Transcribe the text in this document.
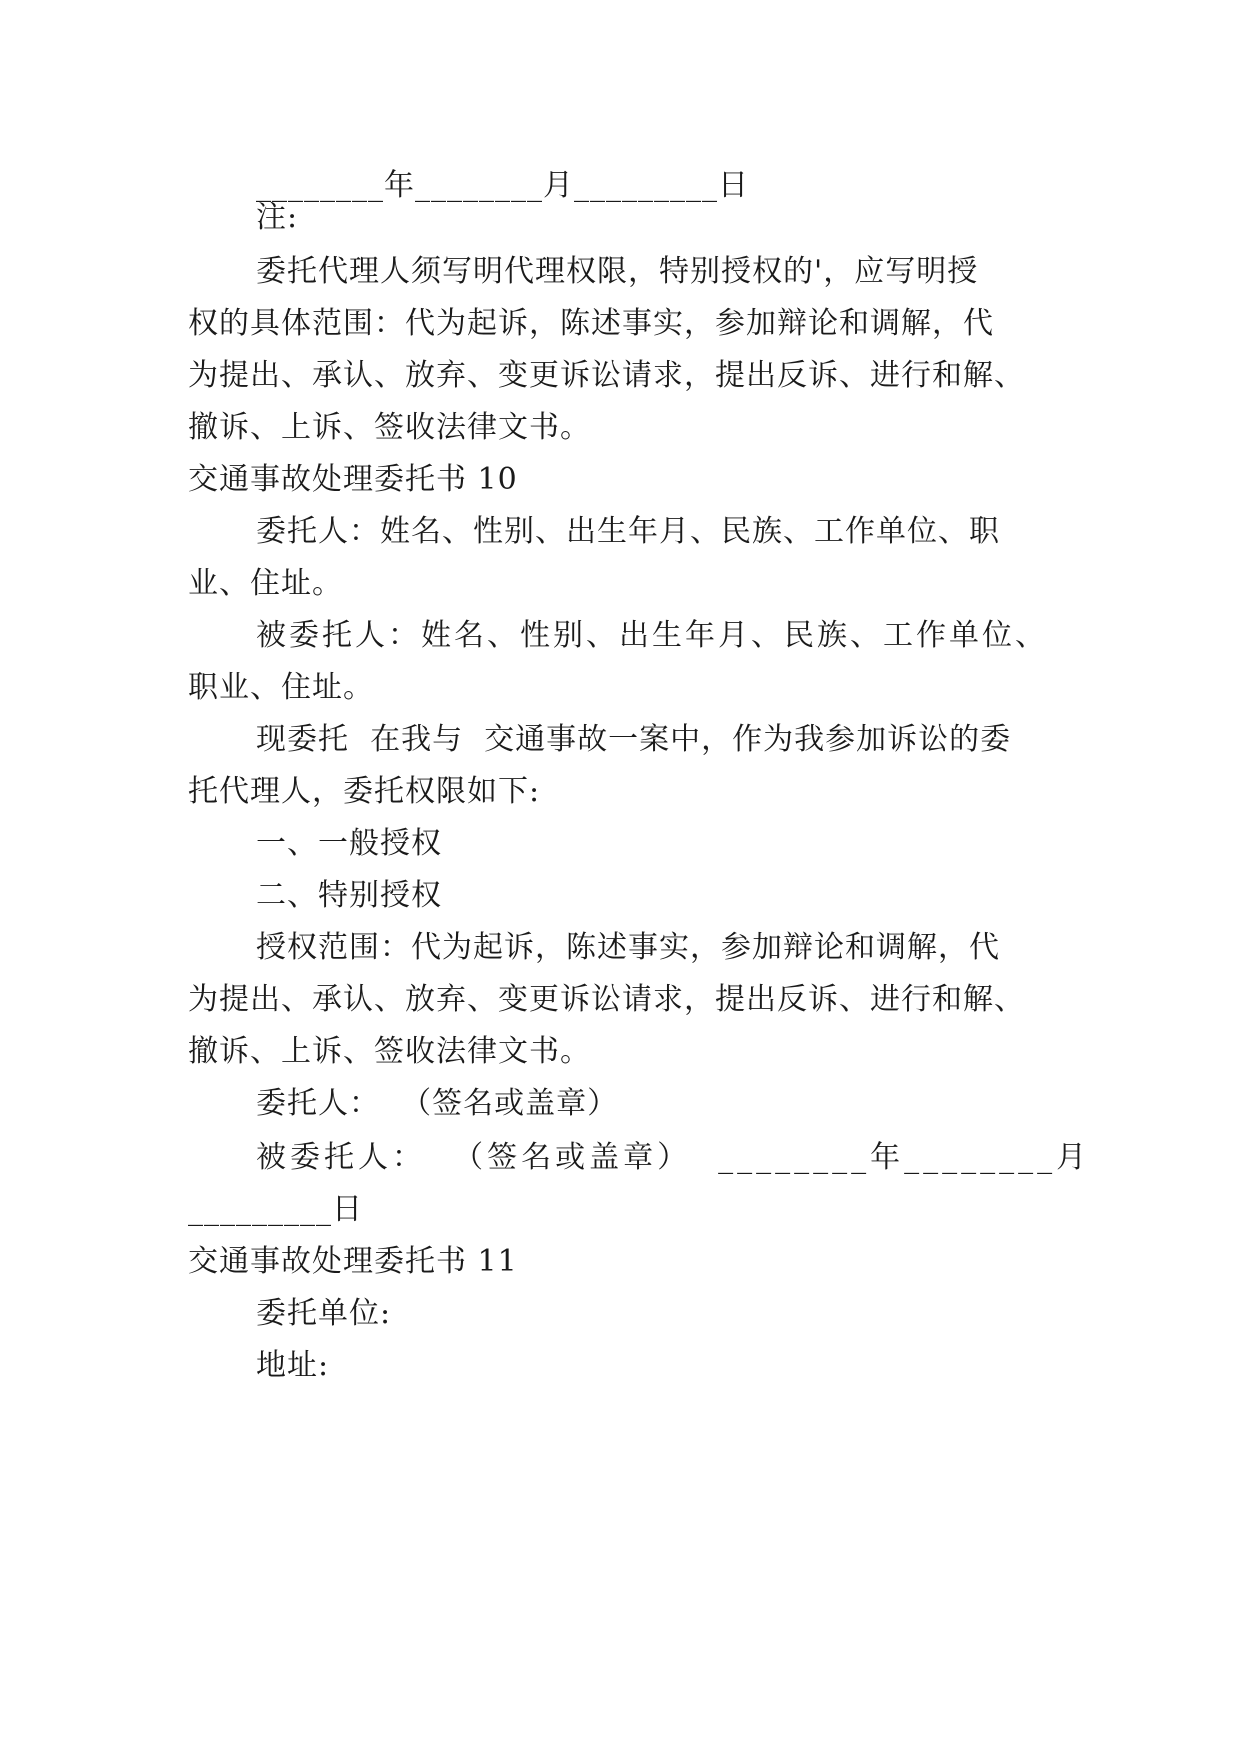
________年________月_________日
注:
委托代理人须写明代理权限，特别授权的'，应写明授
权的具体范围：代为起诉，陈述事实，参加辩论和调解，代
为提出、承认、放弃、变更诉讼请求，提出反诉、进行和解、
撤诉、上诉、签收法律文书。
交通事故处理委托书 10
委托人：姓名、性别、出生年月、民族、工作单位、职
业、住址。
被委托人：姓名、性别、出生年月、民族、工作单位、
职业、住址。
现委托  在我与  交通事故一案中，作为我参加诉讼的委
托代理人，委托权限如下:
一、一般授权
二、特别授权
授权范围：代为起诉，陈述事实，参加辩论和调解，代
为提出、承认、放弃、变更诉讼请求，提出反诉、进行和解、
撤诉、上诉、签收法律文书。
委托人：  （签名或盖章）
被委托人：  （签名或盖章）  ________年________月
_________日
交通事故处理委托书 11
委托单位:
地址:
